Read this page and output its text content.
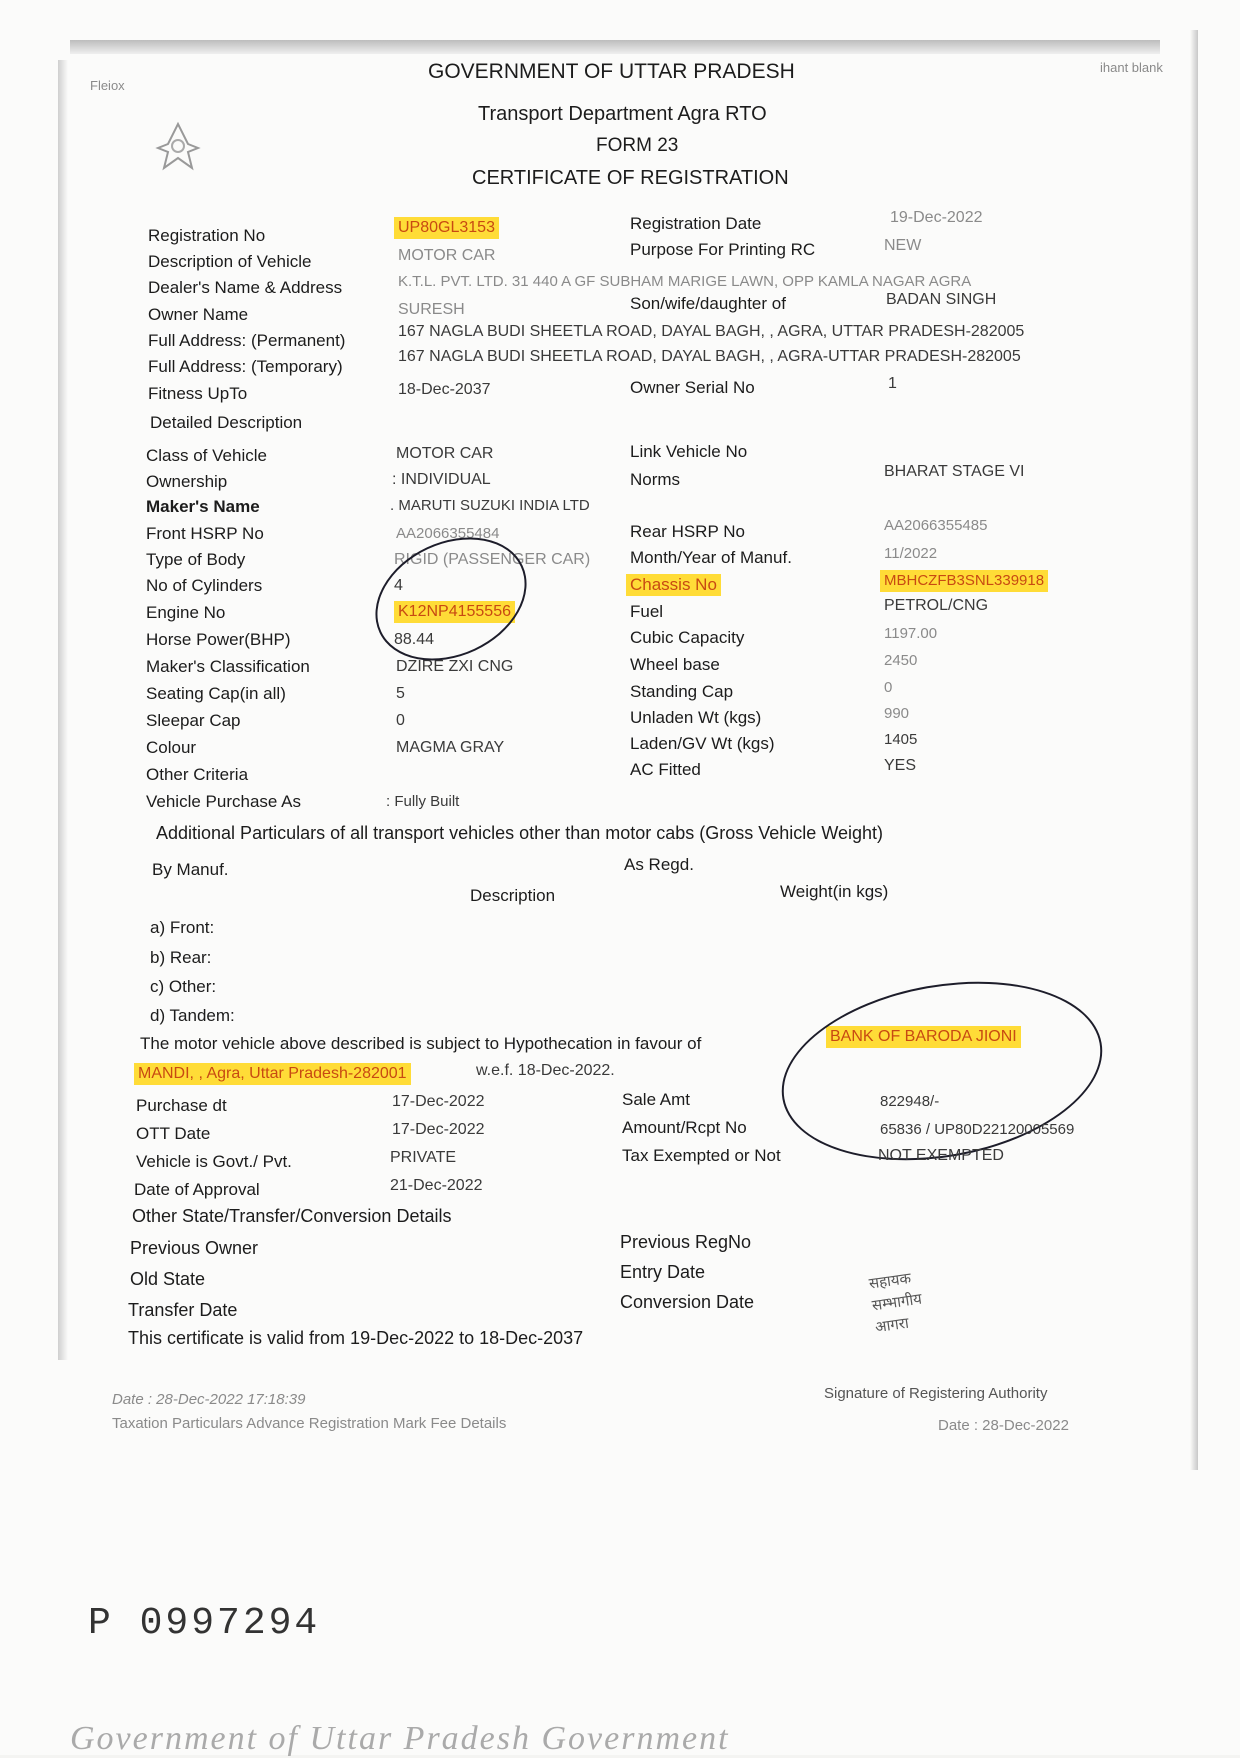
Fleiox
ihant blank
GOVERNMENT OF UTTAR PRADESH
Transport Department Agra RTO
FORM 23
CERTIFICATE OF REGISTRATION
Registration No	UP80GL3153
Description of Vehicle	MOTOR CAR
Dealer's Name & Address	K.T.L. PVT. LTD. 31 440 A GF SUBHAM MARIGE LAWN, OPP KAMLA NAGAR AGRA
Owner Name	SURESH
Full Address: (Permanent)	167 NAGLA BUDI SHEETLA ROAD, DAYAL BAGH, , AGRA, UTTAR PRADESH-282005
Full Address: (Temporary)
167 NAGLA BUDI SHEETLA ROAD, DAYAL BAGH, , AGRA-UTTAR PRADESH-282005
Fitness UpTo	18-Dec-2037
Registration Date	19-Dec-2022
Purpose For Printing RC	NEW
Son/wife/daughter of	BADAN SINGH
Owner Serial No	1
Detailed Description
Class of Vehicle	MOTOR CAR
Ownership	: INDIVIDUAL
Maker's Name	. MARUTI SUZUKI INDIA LTD
Front HSRP No	AA2066355484
Type of Body	RIGID (PASSENGER CAR)
No of Cylinders	4
Engine No	K12NP4155556
Horse Power(BHP)	88.44
Maker's Classification	DZIRE ZXI CNG
Seating Cap(in all)	5
Sleepar Cap	0
Colour	MAGMA GRAY
Other Criteria
Vehicle Purchase As	: Fully Built
Link Vehicle No
Norms	BHARAT STAGE VI
Rear HSRP No	AA2066355485
Month/Year of Manuf.	11/2022
Chassis No	MBHCZFB3SNL339918
Fuel	PETROL/CNG
Cubic Capacity	1197.00
Wheel base	2450
Standing Cap	0
Unladen Wt (kgs)	990
Laden/GV Wt (kgs)	1405
AC Fitted	YES
Additional Particulars of all transport vehicles other than motor cabs (Gross Vehicle Weight)
By Manuf.	As Regd.
Description	Weight(in kgs)
a) Front:
b) Rear:
c) Other:
d) Tandem:
The motor vehicle above described is subject to Hypothecation in favour of	BANK OF BARODA JIONI
MANDI, , Agra, Uttar Pradesh-282001	w.e.f. 18-Dec-2022.
Purchase dt	17-Dec-2022
OTT Date	17-Dec-2022
Vehicle is Govt./ Pvt.	PRIVATE
Date of Approval	21-Dec-2022
Sale Amt	822948/-
Amount/Rcpt No	65836 / UP80D22120005569
Tax Exempted or Not	NOT EXEMPTED
Other State/Transfer/Conversion Details
Previous Owner
Old State
Transfer Date
Previous RegNo
Entry Date
Conversion Date
This certificate is valid from 19-Dec-2022 to 18-Dec-2037
सहायक
सम्भागीय
आगरा
Date : 28-Dec-2022 17:18:39
Taxation Particulars Advance Registration Mark Fee Details
Signature of Registering Authority
Date : 28-Dec-2022
P 0997294
Government of Uttar Pradesh Government
